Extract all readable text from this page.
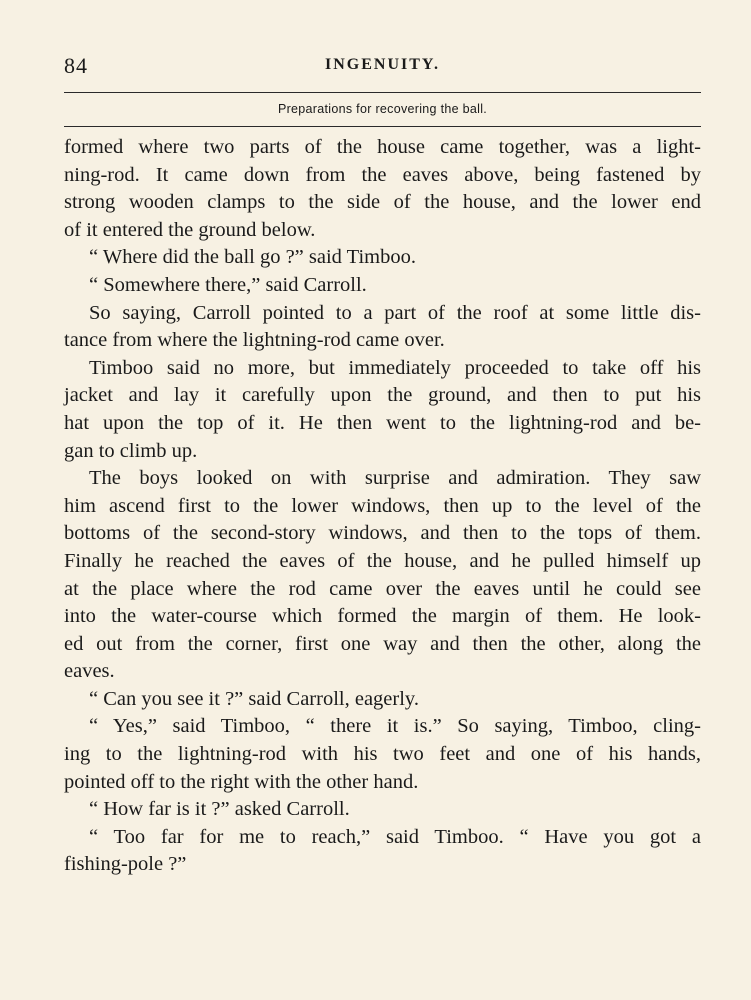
84	INGENUITY.
Preparations for recovering the ball.
formed where two parts of the house came together, was a light-
ning-rod. It came down from the eaves above, being fastened by
strong wooden clamps to the side of the house, and the lower end
of it entered the ground below.
“ Where did the ball go ?” said Timboo.
“ Somewhere there,” said Carroll.
So saying, Carroll pointed to a part of the roof at some little dis-
tance from where the lightning-rod came over.
Timboo said no more, but immediately proceeded to take off his
jacket and lay it carefully upon the ground, and then to put his
hat upon the top of it. He then went to the lightning-rod and be-
gan to climb up.
The boys looked on with surprise and admiration. They saw
him ascend first to the lower windows, then up to the level of the
bottoms of the second-story windows, and then to the tops of them.
Finally he reached the eaves of the house, and he pulled himself up
at the place where the rod came over the eaves until he could see
into the water-course which formed the margin of them. He look-
ed out from the corner, first one way and then the other, along the
eaves.
“ Can you see it ?” said Carroll, eagerly.
“ Yes,” said Timboo, “ there it is.” So saying, Timboo, cling-
ing to the lightning-rod with his two feet and one of his hands,
pointed off to the right with the other hand.
“ How far is it ?” asked Carroll.
“ Too far for me to reach,” said Timboo. “ Have you got a
fishing-pole ?”
